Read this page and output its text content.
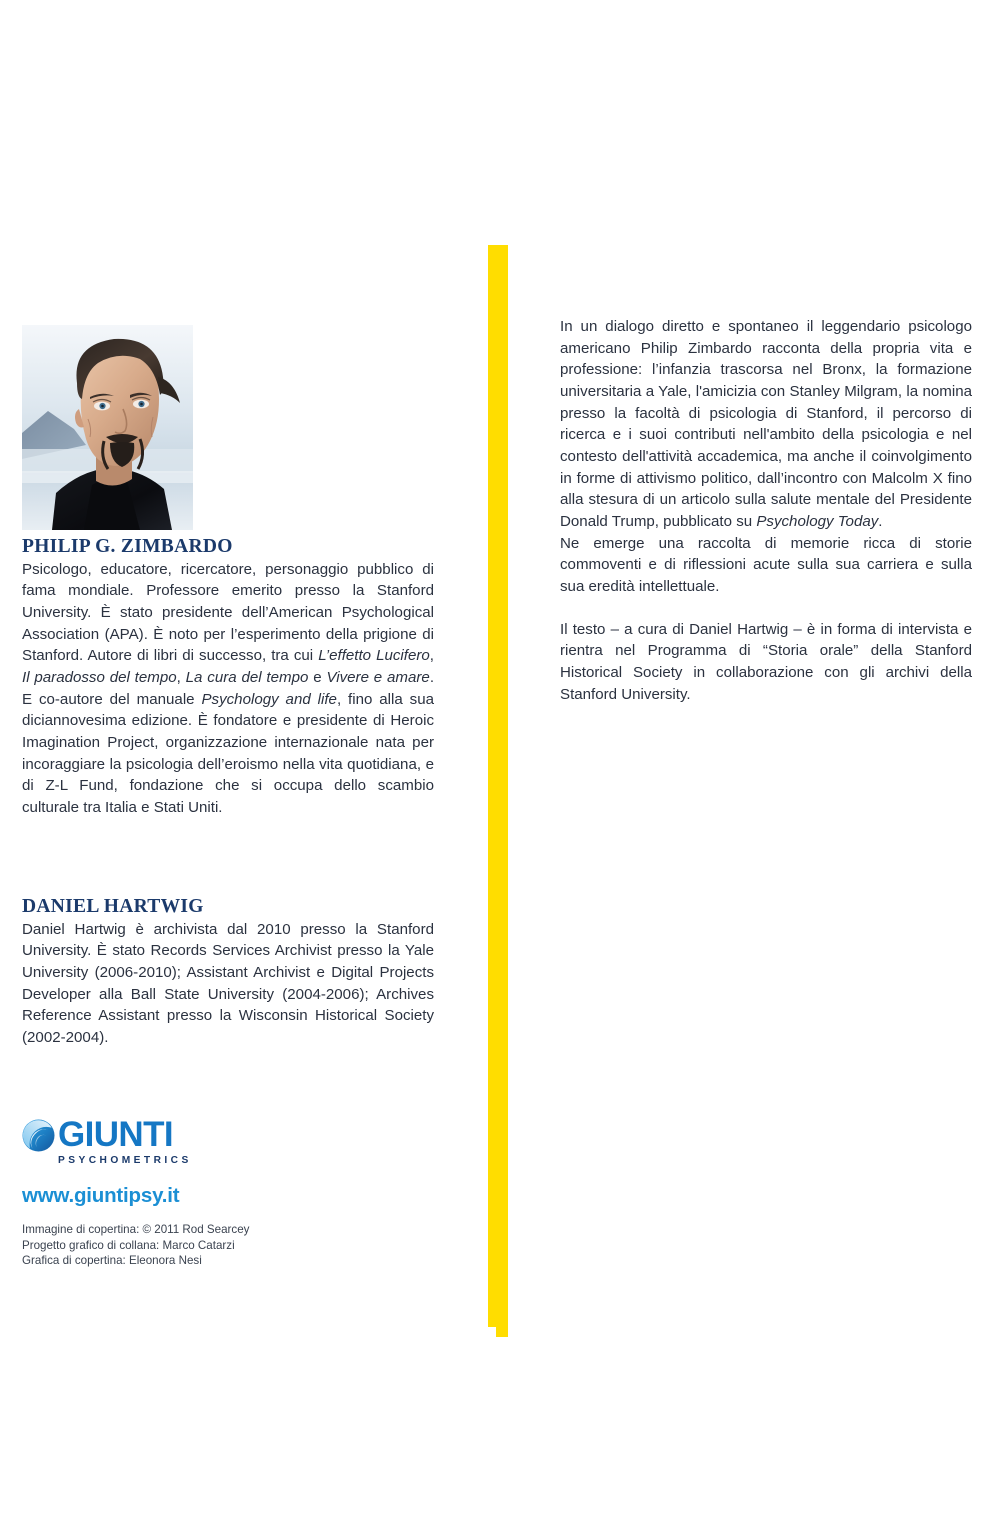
PHILIP G. ZIMBARDO

Psicologo, educatore, ricercatore, personaggio pubblico di fama mondiale. Professore emerito presso la Stanford University. È stato presidente dell’American Psychological Association (APA). È noto per l’esperimento della prigione di Stanford. Autore di libri di successo, tra cui L’effetto Lucifero, Il paradosso del tempo, La cura del tempo e Vivere e amare. E co-autore del manuale Psychology and life, fino alla sua diciannovesima edizione. È fondatore e presidente di Heroic Imagination Project, organizzazione internazionale nata per incoraggiare la psicologia dell’eroismo nella vita quotidiana, e di Z-L Fund, fondazione che si occupa dello scambio culturale tra Italia e Stati Uniti.

DANIEL HARTWIG

Daniel Hartwig è archivista dal 2010 presso la Stanford University. È stato Records Services Archivist presso la Yale University (2006-2010); Assistant Archivist e Digital Projects Developer alla Ball State University (2004-2006); Archives Reference Assistant presso la Wisconsin Historical Society (2002-2004).

GIUNTI
PSYCHOMETRICS
www.giuntipsy.it
Immagine di copertina: © 2011 Rod Searcey
Progetto grafico di collana: Marco Catarzi
Grafica di copertina: Eleonora Nesi

In un dialogo diretto e spontaneo il leggendario psicologo americano Philip Zimbardo racconta della propria vita e professione: l’infanzia trascorsa nel Bronx, la formazione universitaria a Yale, l'amicizia con Stanley Milgram, la nomina presso la facoltà di psicologia di Stanford, il percorso di ricerca e i suoi contributi nell'ambito della psicologia e nel contesto dell'attività accademica, ma anche il coinvolgimento in forme di attivismo politico, dall’incontro con Malcolm X fino alla stesura di un articolo sulla salute mentale del Presidente Donald Trump, pubblicato su Psychology Today.

Ne emerge una raccolta di memorie ricca di storie commoventi e di riflessioni acute sulla sua carriera e sulla sua eredità intellettuale.

Il testo – a cura di Daniel Hartwig – è in forma di intervista e rientra nel Programma di “Storia orale” della Stanford Historical Society in collaborazione con gli archivi della Stanford University.
